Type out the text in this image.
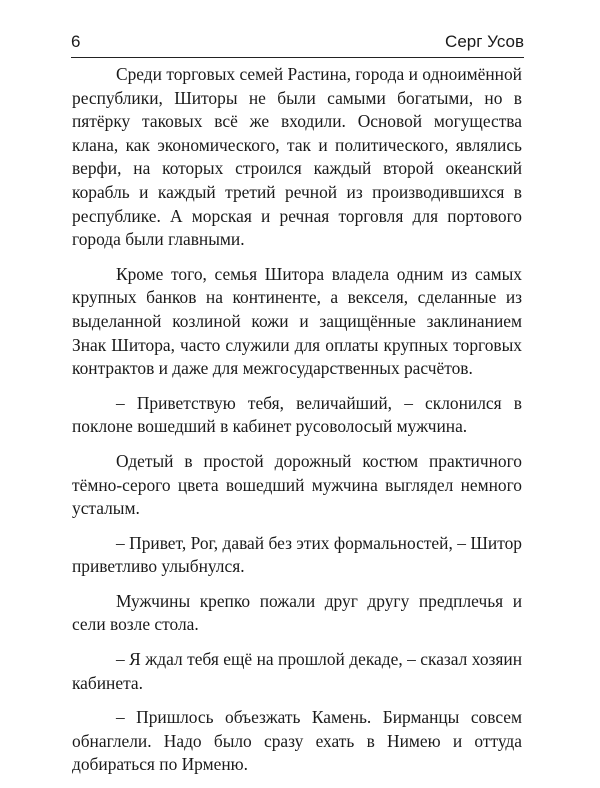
6	Серг Усов

Среди торговых семей Растина, города и одноимённой республики, Шиторы не были самыми богатыми, но в пятёрку таковых всё же входили. Основой могущества клана, как экономического, так и политического, являлись верфи, на которых строился каждый второй океанский корабль и каждый третий речной из производившихся в республике. А морская и речная торговля для портового города были главными.

Кроме того, семья Шитора владела одним из самых крупных банков на континенте, а векселя, сделанные из выделанной козлиной кожи и защищённые заклинанием Знак Шитора, часто служили для оплаты крупных торговых контрактов и даже для межгосударственных расчётов.

– Приветствую тебя, величайший, – склонился в поклоне вошедший в кабинет русоволосый мужчина.

Одетый в простой дорожный костюм практичного тёмно-серого цвета вошедший мужчина выглядел немного усталым.

– Привет, Рог, давай без этих формальностей, – Шитор приветливо улыбнулся.

Мужчины крепко пожали друг другу предплечья и сели возле стола.

– Я ждал тебя ещё на прошлой декаде, – сказал хозяин кабинета.

– Пришлось объезжать Камень. Бирманцы совсем обнаглели. Надо было сразу ехать в Нимею и оттуда добираться по Ирменю.
